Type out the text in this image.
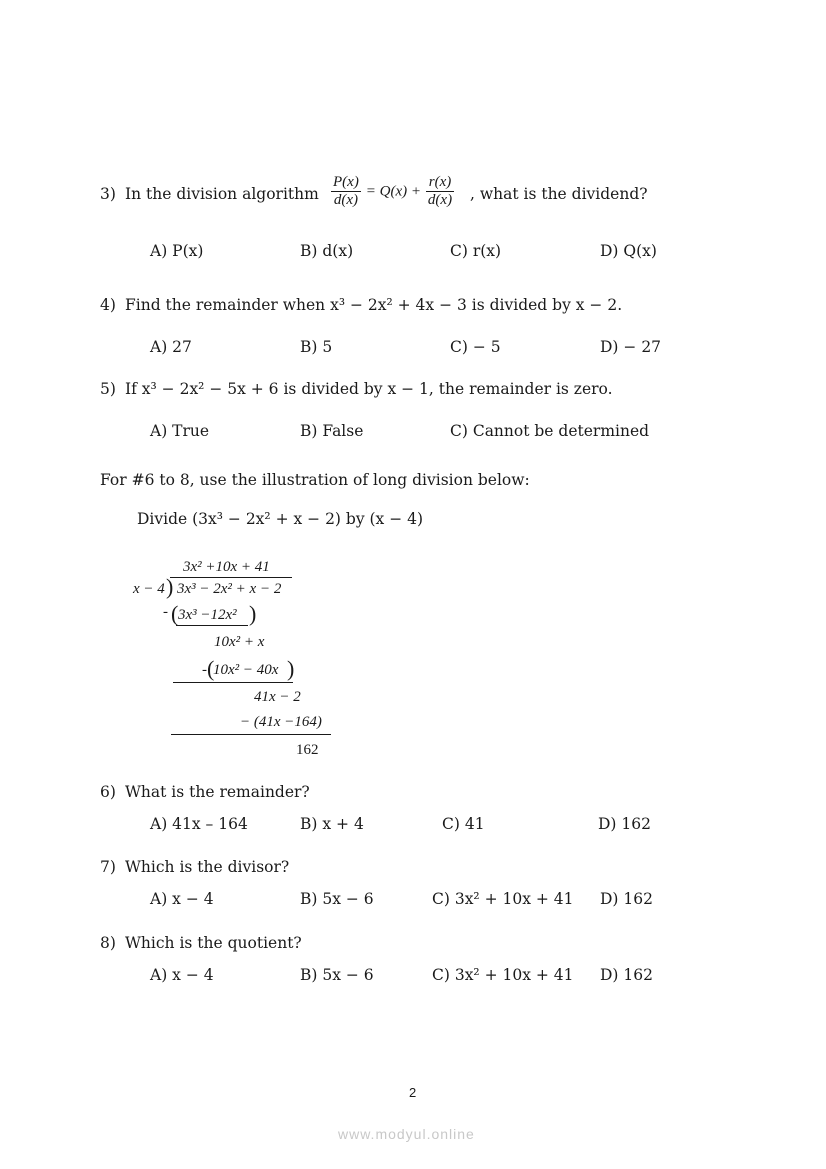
3) In the division algorithm $\frac{P(x)}{d(x)} = Q(x) + \frac{r(x)}{d(x)}$ , what is the dividend?
A) P(x)	B) d(x)	C) r(x)	D) Q(x)
4) Find the remainder when x³ − 2x² + 4x − 3 is divided by x − 2.
A) 27	B) 5	C) − 5	D) − 27
5) If x³ − 2x² − 5x + 6 is divided by x − 1, the remainder is zero.
A) True	B) False	C) Cannot be determined
For #6 to 8, use the illustration of long division below:
Divide (3x³ − 2x² + x − 2) by (x − 4)
3x² +10x + 41
x − 4 ) 3x³ − 2x² + x − 2
- ( 3x³ −12x² )
10x² + x
- (
10x² − 40x )
41x − 2
− (41x −164)
162
6) What is the remainder?
A) 41x – 164	B) x + 4	C) 41	D) 162
7) Which is the divisor?
A) x − 4	B) 5x − 6	C) 3x² + 10x + 41 D) 162
8) Which is the quotient?
A) x − 4	B) 5x − 6	C) 3x² + 10x + 41 D) 162
2
www.modyul.online
